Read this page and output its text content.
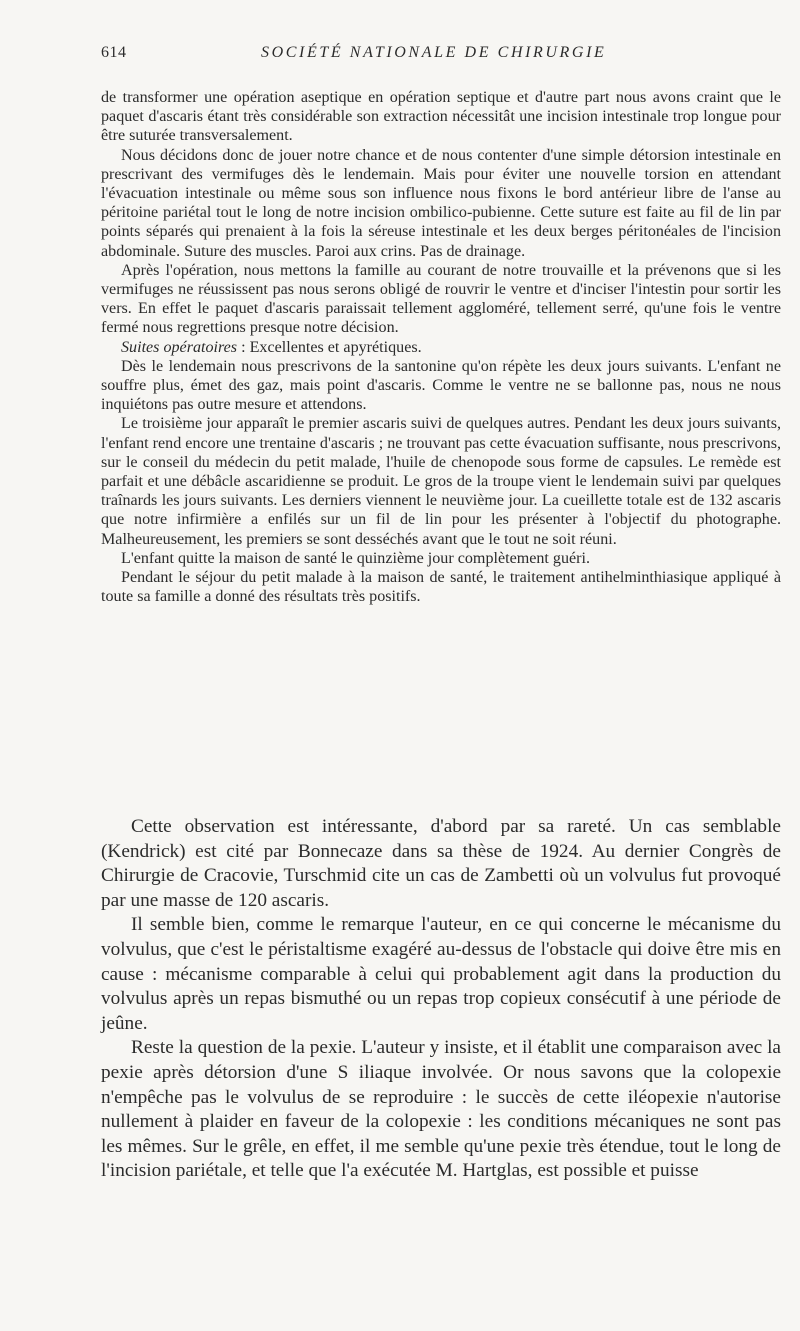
614	SOCIÉTÉ NATIONALE DE CHIRURGIE

de transformer une opération aseptique en opération septique et d'autre part nous avons craint que le paquet d'ascaris étant très considérable son extraction nécessitât une incision intestinale trop longue pour être suturée transversalement.

Nous décidons donc de jouer notre chance et de nous contenter d'une simple détorsion intestinale en prescrivant des vermifuges dès le lendemain. Mais pour éviter une nouvelle torsion en attendant l'évacuation intestinale ou même sous son influence nous fixons le bord antérieur libre de l'anse au péritoine pariétal tout le long de notre incision ombilico-pubienne. Cette suture est faite au fil de lin par points séparés qui prenaient à la fois la séreuse intestinale et les deux berges péritonéales de l'incision abdominale. Suture des muscles. Paroi aux crins. Pas de drainage.

Après l'opération, nous mettons la famille au courant de notre trouvaille et la prévenons que si les vermifuges ne réussissent pas nous serons obligé de rouvrir le ventre et d'inciser l'intestin pour sortir les vers. En effet le paquet d'ascaris paraissait tellement aggloméré, tellement serré, qu'une fois le ventre fermé nous regrettions presque notre décision.

Suites opératoires : Excellentes et apyrétiques.

Dès le lendemain nous prescrivons de la santonine qu'on répète les deux jours suivants. L'enfant ne souffre plus, émet des gaz, mais point d'ascaris. Comme le ventre ne se ballonne pas, nous ne nous inquiétons pas outre mesure et attendons.

Le troisième jour apparaît le premier ascaris suivi de quelques autres. Pendant les deux jours suivants, l'enfant rend encore une trentaine d'ascaris ; ne trouvant pas cette évacuation suffisante, nous prescrivons, sur le conseil du médecin du petit malade, l'huile de chenopode sous forme de capsules. Le remède est parfait et une débâcle ascaridienne se produit. Le gros de la troupe vient le lendemain suivi par quelques traînards les jours suivants. Les derniers viennent le neuvième jour. La cueillette totale est de 132 ascaris que notre infirmière a enfilés sur un fil de lin pour les présenter à l'objectif du photographe. Malheureusement, les premiers se sont desséchés avant que le tout ne soit réuni.

L'enfant quitte la maison de santé le quinzième jour complètement guéri.

Pendant le séjour du petit malade à la maison de santé, le traitement antihelminthiasique appliqué à toute sa famille a donné des résultats très positifs.

Cette observation est intéressante, d'abord par sa rareté. Un cas semblable (Kendrick) est cité par Bonnecaze dans sa thèse de 1924. Au dernier Congrès de Chirurgie de Cracovie, Turschmid cite un cas de Zambetti où un volvulus fut provoqué par une masse de 120 ascaris.

Il semble bien, comme le remarque l'auteur, en ce qui concerne le mécanisme du volvulus, que c'est le péristaltisme exagéré au-dessus de l'obstacle qui doive être mis en cause : mécanisme comparable à celui qui probablement agit dans la production du volvulus après un repas bismuthé ou un repas trop copieux consécutif à une période de jeûne.

Reste la question de la pexie. L'auteur y insiste, et il établit une comparaison avec la pexie après détorsion d'une S iliaque involvée. Or nous savons que la colopexie n'empêche pas le volvulus de se reproduire : le succès de cette iléopexie n'autorise nullement à plaider en faveur de la colopexie : les conditions mécaniques ne sont pas les mêmes. Sur le grêle, en effet, il me semble qu'une pexie très étendue, tout le long de l'incision pariétale, et telle que l'a exécutée M. Hartglas, est possible et puisse
